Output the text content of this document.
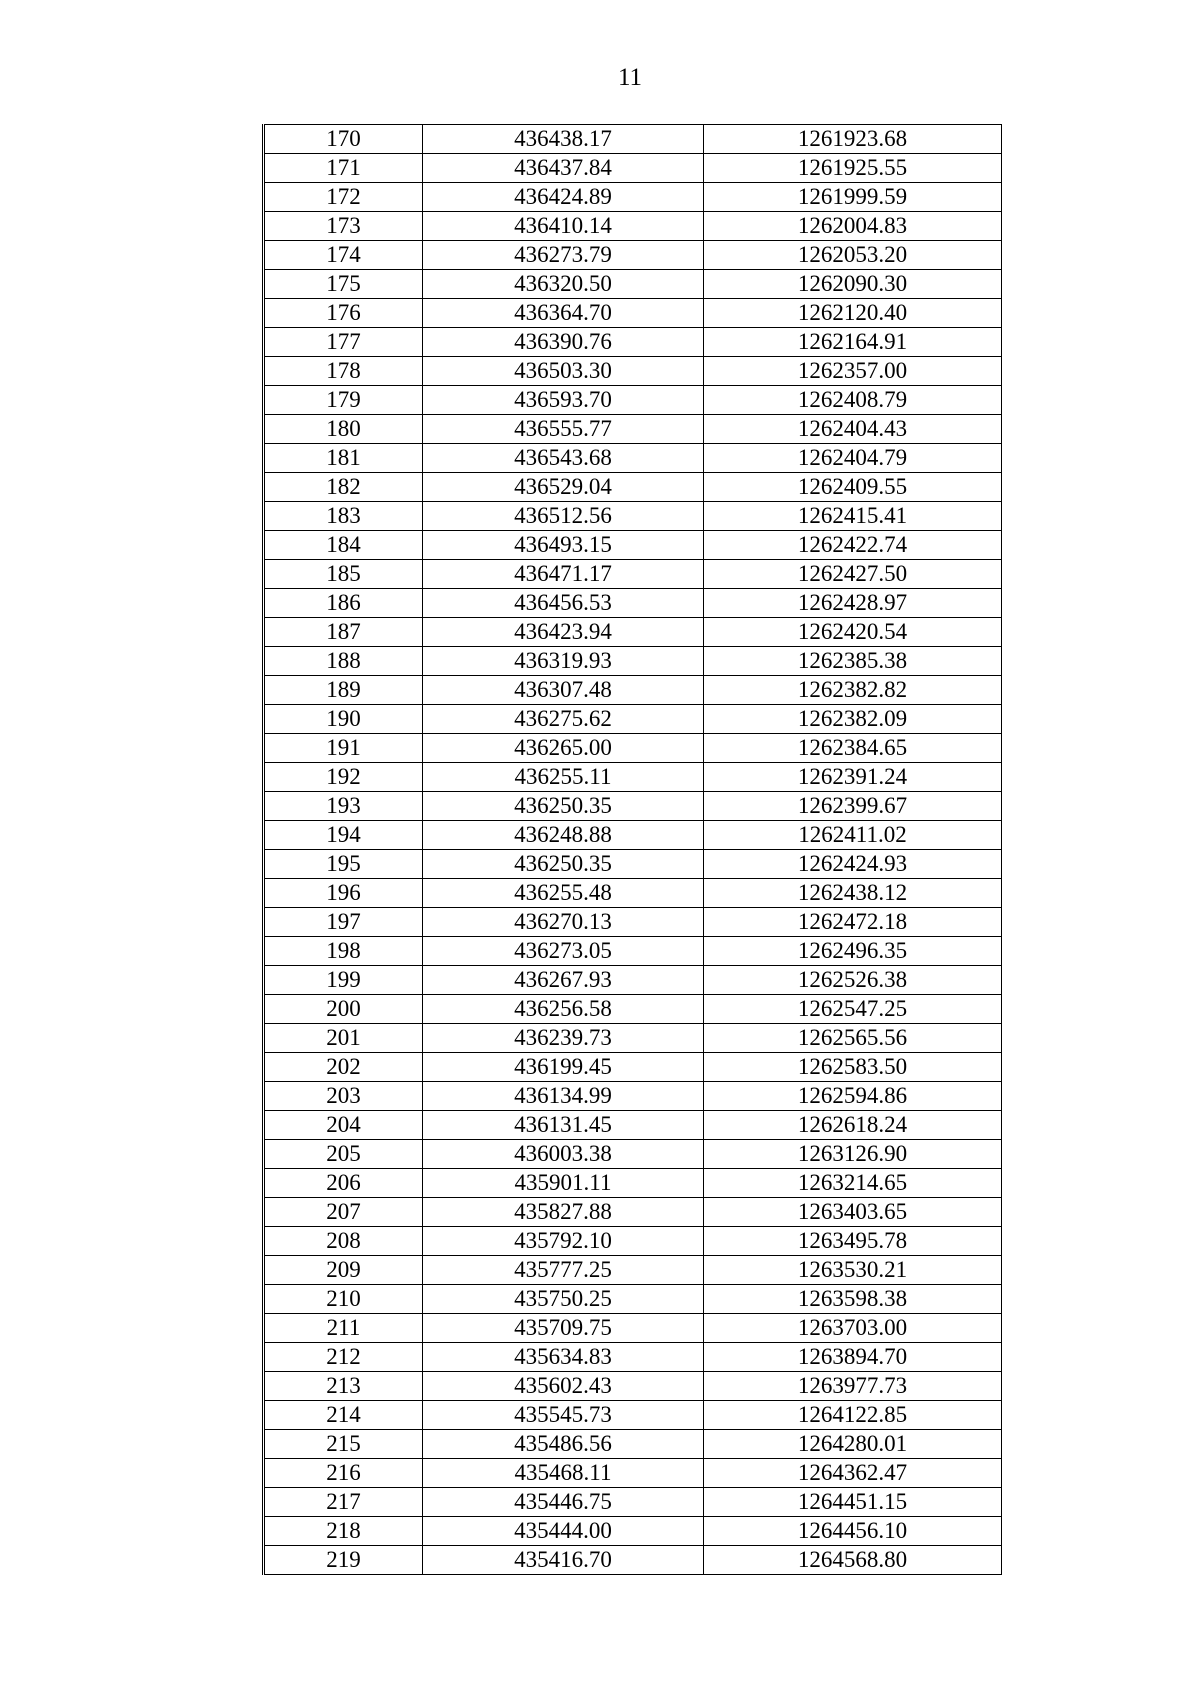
11
170	436438.17	1261923.68
171	436437.84	1261925.55
172	436424.89	1261999.59
173	436410.14	1262004.83
174	436273.79	1262053.20
175	436320.50	1262090.30
176	436364.70	1262120.40
177	436390.76	1262164.91
178	436503.30	1262357.00
179	436593.70	1262408.79
180	436555.77	1262404.43
181	436543.68	1262404.79
182	436529.04	1262409.55
183	436512.56	1262415.41
184	436493.15	1262422.74
185	436471.17	1262427.50
186	436456.53	1262428.97
187	436423.94	1262420.54
188	436319.93	1262385.38
189	436307.48	1262382.82
190	436275.62	1262382.09
191	436265.00	1262384.65
192	436255.11	1262391.24
193	436250.35	1262399.67
194	436248.88	1262411.02
195	436250.35	1262424.93
196	436255.48	1262438.12
197	436270.13	1262472.18
198	436273.05	1262496.35
199	436267.93	1262526.38
200	436256.58	1262547.25
201	436239.73	1262565.56
202	436199.45	1262583.50
203	436134.99	1262594.86
204	436131.45	1262618.24
205	436003.38	1263126.90
206	435901.11	1263214.65
207	435827.88	1263403.65
208	435792.10	1263495.78
209	435777.25	1263530.21
210	435750.25	1263598.38
211	435709.75	1263703.00
212	435634.83	1263894.70
213	435602.43	1263977.73
214	435545.73	1264122.85
215	435486.56	1264280.01
216	435468.11	1264362.47
217	435446.75	1264451.15
218	435444.00	1264456.10
219	435416.70	1264568.80
